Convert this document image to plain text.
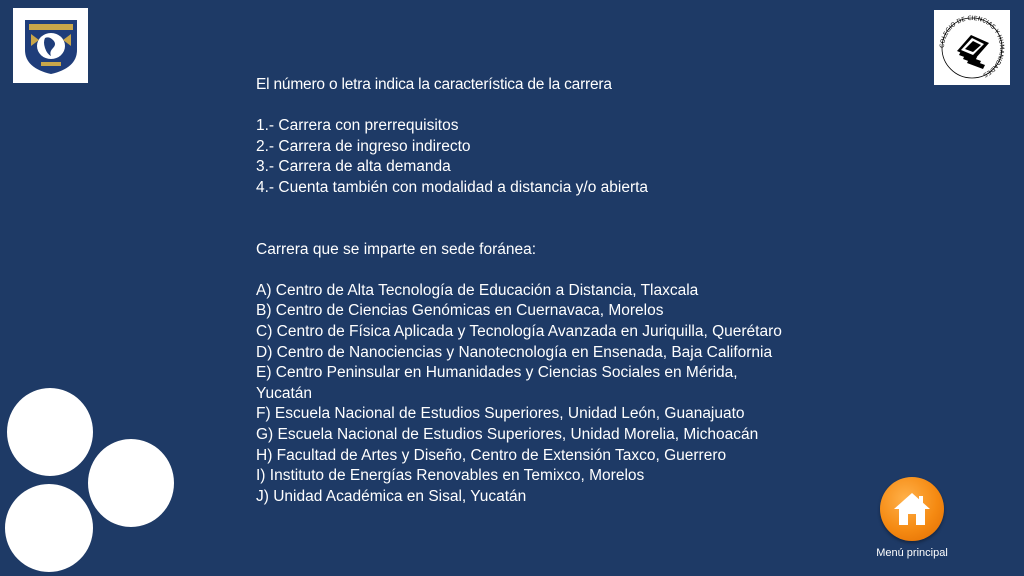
COLEGIO DE CIENCIAS Y HUMANIDADES

El número o letra indica la característica de la carrera

1.- Carrera con prerrequisitos

2.- Carrera de ingreso indirecto

3.- Carrera de alta demanda

4.- Cuenta también con modalidad a distancia y/o abierta

Carrera que se imparte en sede foránea:

A) Centro de Alta Tecnología de Educación a Distancia, Tlaxcala

B) Centro de Ciencias Genómicas en Cuernavaca, Morelos

C) Centro de Física Aplicada y Tecnología Avanzada en Juriquilla, Querétaro

D) Centro de Nanociencias y Nanotecnología en Ensenada, Baja California

E) Centro Peninsular en Humanidades y Ciencias Sociales en Mérida,

Yucatán

F) Escuela Nacional de Estudios Superiores, Unidad León, Guanajuato

G) Escuela Nacional de Estudios Superiores, Unidad Morelia, Michoacán

H) Facultad de Artes y Diseño, Centro de Extensión Taxco, Guerrero

I) Instituto de Energías Renovables en Temixco, Morelos

J) Unidad Académica en Sisal, Yucatán

Menú principal
